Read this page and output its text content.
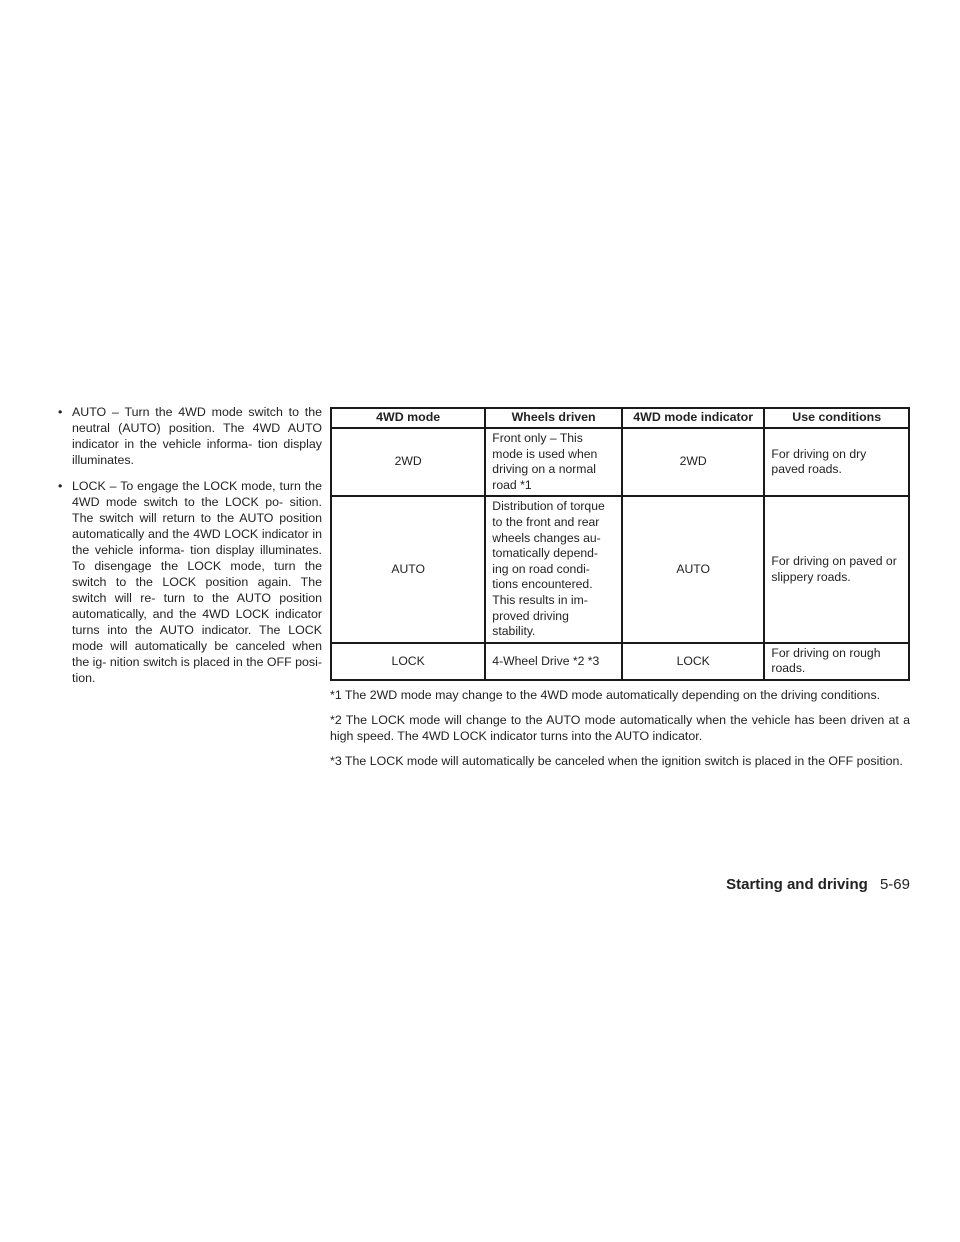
• AUTO – Turn the 4WD mode switch to the neutral (AUTO) position. The 4WD AUTO indicator in the vehicle informa- tion display illuminates.

• LOCK – To engage the LOCK mode, turn the 4WD mode switch to the LOCK po- sition. The switch will return to the AUTO position automatically and the 4WD LOCK indicator in the vehicle informa- tion display illuminates. To disengage the LOCK mode, turn the switch to the LOCK position again. The switch will re- turn to the AUTO position automatically, and the 4WD LOCK indicator turns into the AUTO indicator. The LOCK mode will automatically be canceled when the ig- nition switch is placed in the OFF posi- tion.

4WD mode	Wheels driven	4WD mode indicator	Use conditions
2WD	Front only – This mode is used when driving on a normal road *1	2WD	For driving on dry paved roads.
AUTO	Distribution of torque to the front and rear wheels changes au- tomatically depend- ing on road condi- tions encountered. This results in im- proved driving stability.	AUTO	For driving on paved or slippery roads.
LOCK	4-Wheel Drive *2 *3	LOCK	For driving on rough roads.

*1 The 2WD mode may change to the 4WD mode automatically depending on the driving conditions.

*2 The LOCK mode will change to the AUTO mode automatically when the vehicle has been driven at a high speed. The 4WD LOCK indicator turns into the AUTO indicator.

*3 The LOCK mode will automatically be canceled when the ignition switch is placed in the OFF position.

Starting and driving 5-69
